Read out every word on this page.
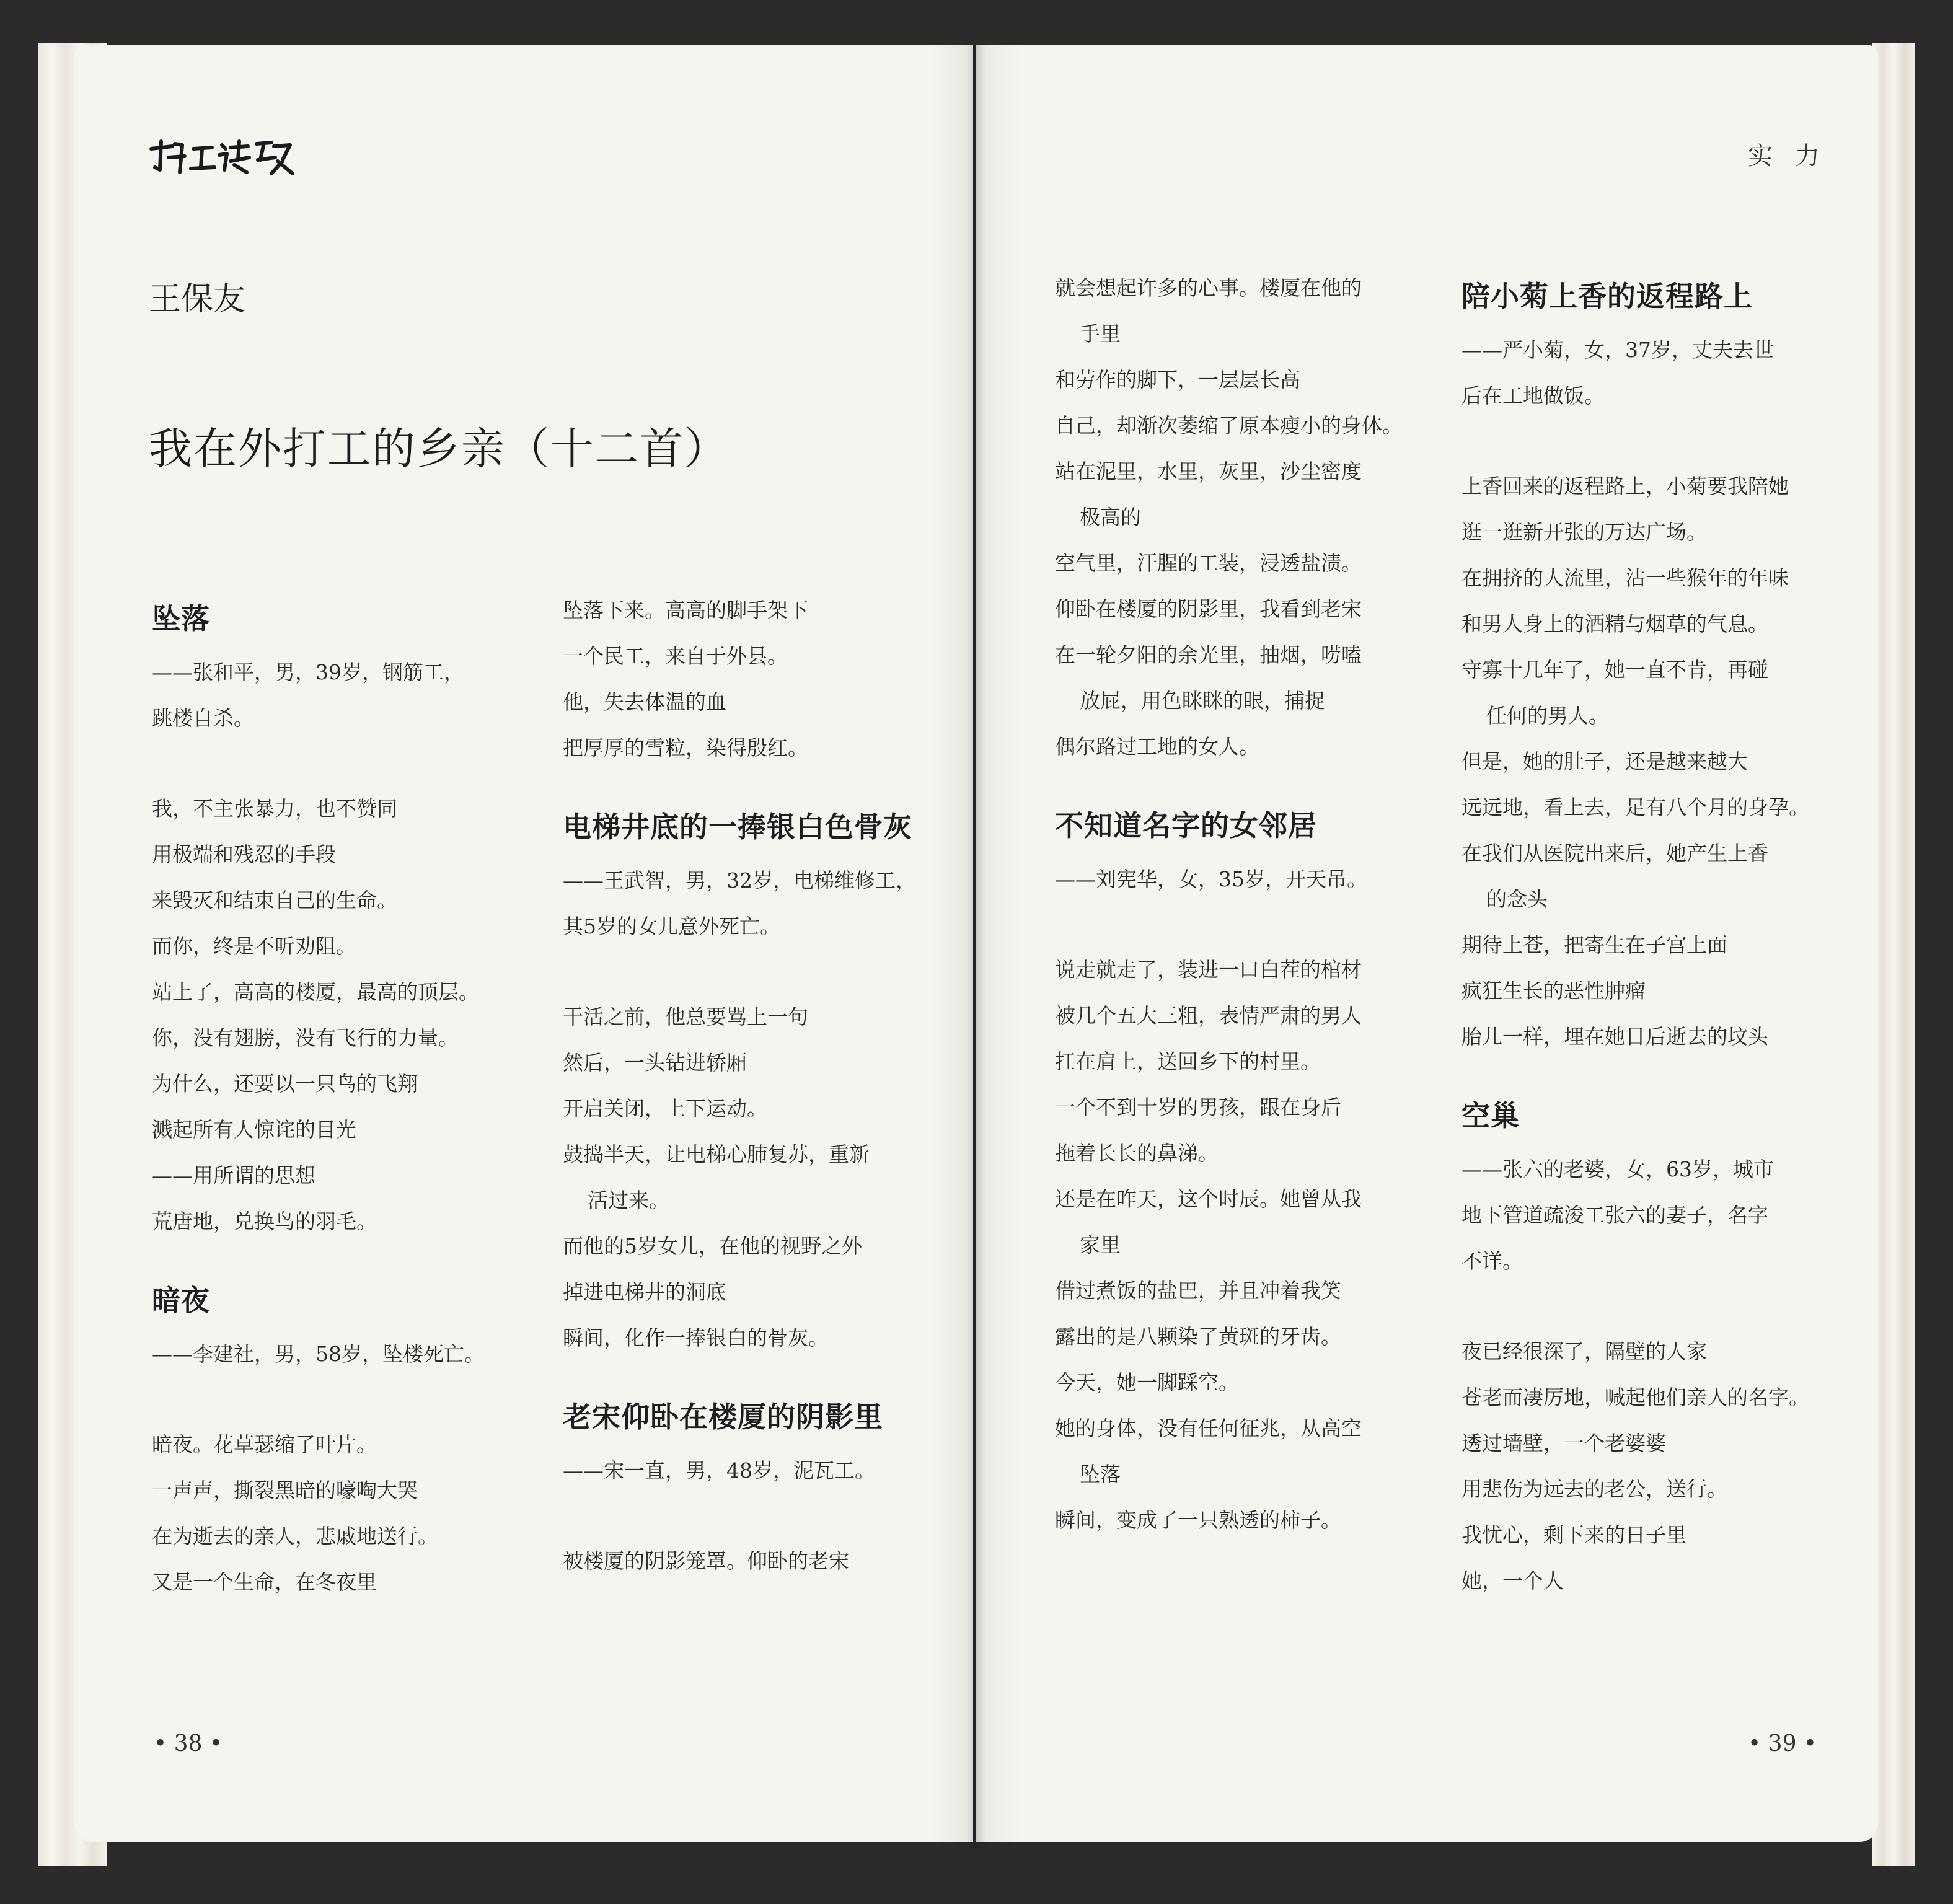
实力
王保友
我在外打工的乡亲（十二首）
坠落
——张和平，男，39岁，钢筋工，
跳楼自杀。
我，不主张暴力，也不赞同
用极端和残忍的手段
来毁灭和结束自己的生命。
而你，终是不听劝阻。
站上了，高高的楼厦，最高的顶层。
你，没有翅膀，没有飞行的力量。
为什么，还要以一只鸟的飞翔
溅起所有人惊诧的目光
——用所谓的思想
荒唐地，兑换鸟的羽毛。
暗夜
——李建社，男，58岁，坠楼死亡。
暗夜。花草瑟缩了叶片。
一声声，撕裂黑暗的嚎啕大哭
在为逝去的亲人，悲戚地送行。
又是一个生命，在冬夜里
坠落下来。高高的脚手架下
一个民工，来自于外县。
他，失去体温的血
把厚厚的雪粒，染得殷红。
电梯井底的一捧银白色骨灰
——王武智，男，32岁，电梯维修工，
其5岁的女儿意外死亡。
干活之前，他总要骂上一句
然后，一头钻进轿厢
开启关闭，上下运动。
鼓捣半天，让电梯心肺复苏，重新
活过来。
而他的5岁女儿，在他的视野之外
掉进电梯井的洞底
瞬间，化作一捧银白的骨灰。
老宋仰卧在楼厦的阴影里
——宋一直，男，48岁，泥瓦工。
被楼厦的阴影笼罩。仰卧的老宋
就会想起许多的心事。楼厦在他的
手里
和劳作的脚下，一层层长高
自己，却渐次萎缩了原本瘦小的身体。
站在泥里，水里，灰里，沙尘密度
极高的
空气里，汗腥的工装，浸透盐渍。
仰卧在楼厦的阴影里，我看到老宋
在一轮夕阳的余光里，抽烟，唠嗑
放屁，用色眯眯的眼，捕捉
偶尔路过工地的女人。
不知道名字的女邻居
——刘宪华，女，35岁，开天吊。
说走就走了，装进一口白茬的棺材
被几个五大三粗，表情严肃的男人
扛在肩上，送回乡下的村里。
一个不到十岁的男孩，跟在身后
拖着长长的鼻涕。
还是在昨天，这个时辰。她曾从我
家里
借过煮饭的盐巴，并且冲着我笑
露出的是八颗染了黄斑的牙齿。
今天，她一脚踩空。
她的身体，没有任何征兆，从高空
坠落
瞬间，变成了一只熟透的柿子。
陪小菊上香的返程路上
——严小菊，女，37岁，丈夫去世
后在工地做饭。
上香回来的返程路上，小菊要我陪她
逛一逛新开张的万达广场。
在拥挤的人流里，沾一些猴年的年味
和男人身上的酒精与烟草的气息。
守寡十几年了，她一直不肯，再碰
任何的男人。
但是，她的肚子，还是越来越大
远远地，看上去，足有八个月的身孕。
在我们从医院出来后，她产生上香
的念头
期待上苍，把寄生在子宫上面
疯狂生长的恶性肿瘤
胎儿一样，埋在她日后逝去的坟头
空巢
——张六的老婆，女，63岁，城市
地下管道疏浚工张六的妻子，名字
不详。
夜已经很深了，隔壁的人家
苍老而凄厉地，喊起他们亲人的名字。
透过墙壁，一个老婆婆
用悲伤为远去的老公，送行。
我忧心，剩下来的日子里
她，一个人
• 38 •	• 39 •
